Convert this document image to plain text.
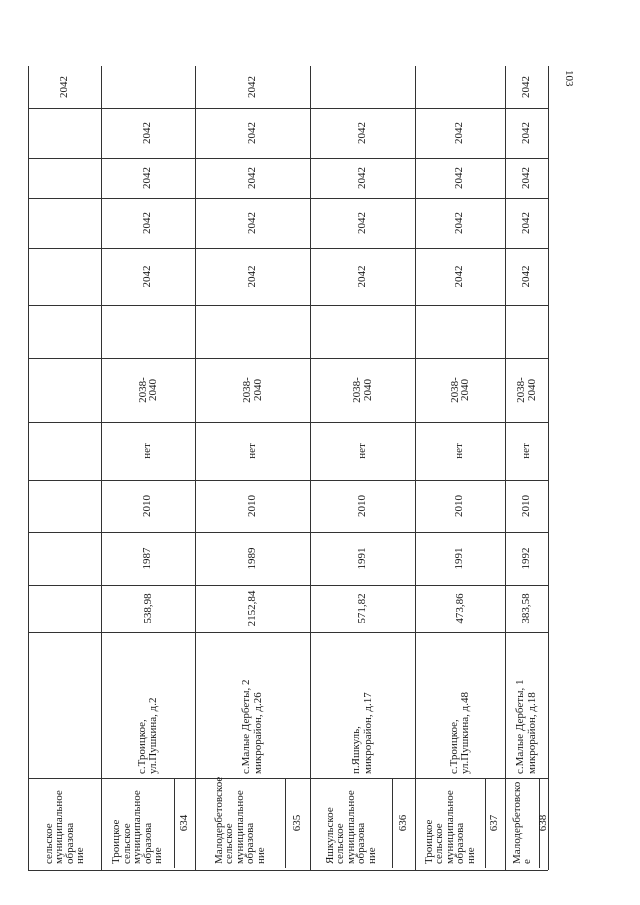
103
сельское
муниципальное
образова
ние
2042
2042
2042
2042
2042
2038-
2040
нет
2010
1987
538,98
с.Троицкое,
ул.Пушкина, д.2
Троицкое
сельское
муниципальное
образова
ние
634
2042
2042
2042
2042
2042
2038-
2040
нет
2010
1989
2152,84
с.Малые Дербеты, 2
микрорайон, д.26
Малодербетовское
сельское
муниципальное
образова
ние
635
2042
2042
2042
2042
2038-
2040
нет
2010
1991
571,82
п.Яшкуль,
микрорайон, д.17
Яшкульское
сельское
муниципальное
образова
ние
636
2042
2042
2042
2042
2038-
2040
нет
2010
1991
473,86
с.Троицкое,
ул.Пушкина, д.48
Троицкое
сельское
муниципальное
образова
ние
637
2042
2042
2042
2042
2042
2038-
2040
нет
2010
1992
383,58
с.Малые Дербеты, 1
микрорайон, д.18
Малодербетовско
е
638
